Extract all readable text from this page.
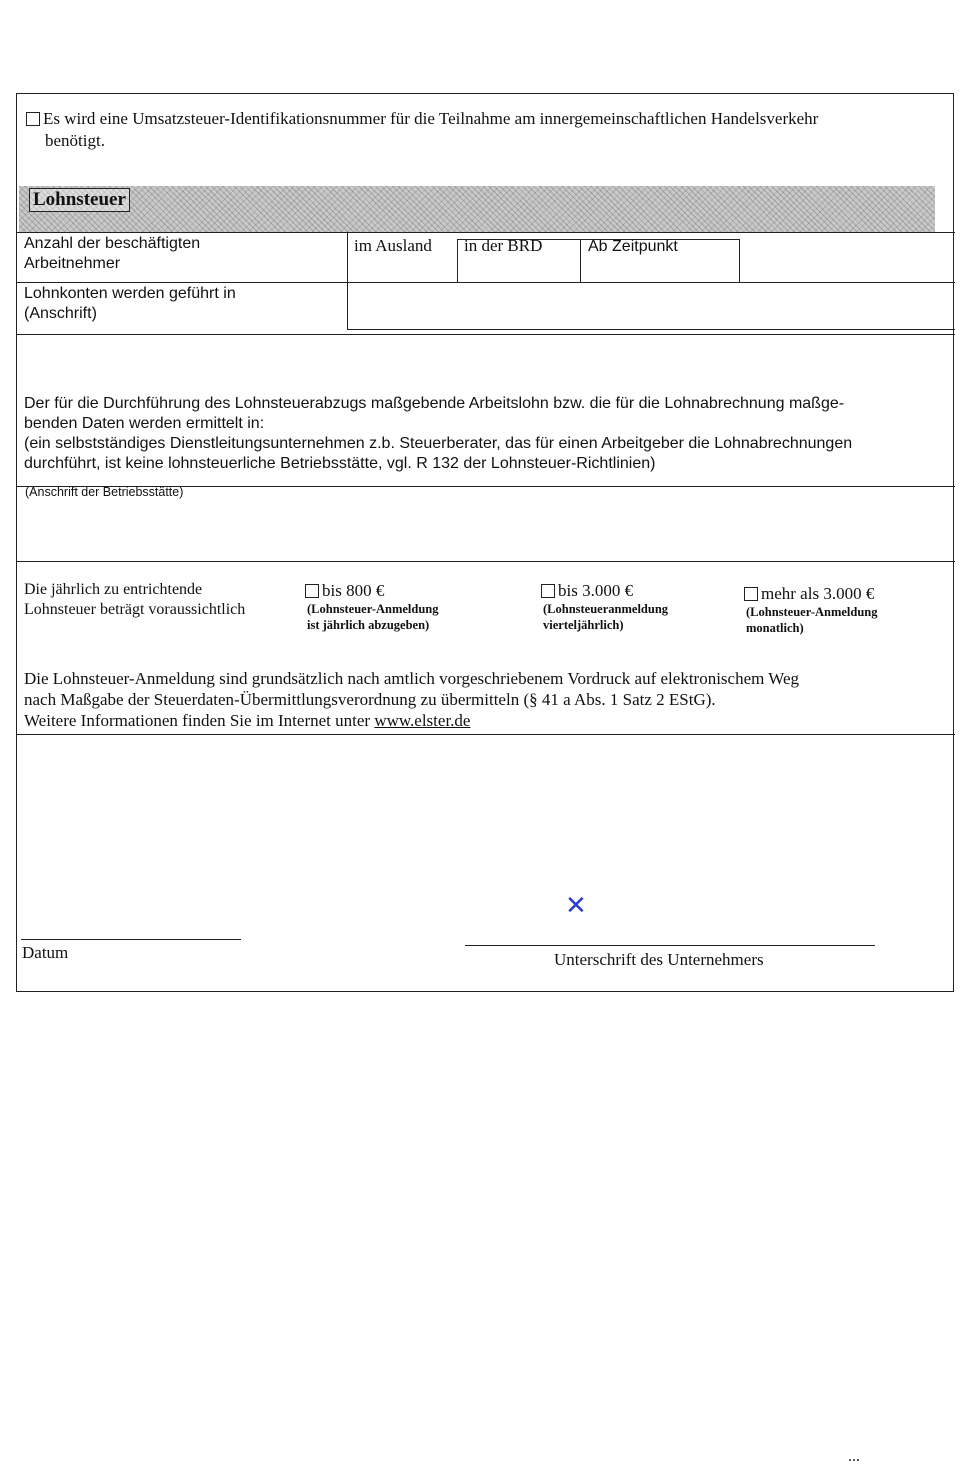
Es wird eine Umsatzsteuer-Identifikationsnummer für die Teilnahme am innergemeinschaftlichen Handelsverkehr
benötigt.
Lohnsteuer
Anzahl der beschäftigten
Arbeitnehmer
im Ausland in der BRD	Ab Zeitpunkt
Lohnkonten werden geführt in
(Anschrift)
Der für die Durchführung des Lohnsteuerabzugs maßgebende Arbeitslohn bzw. die für die Lohnabrechnung maßge-
benden Daten werden ermittelt in:
(ein selbstständiges Dienstleitungsunternehmen z.b. Steuerberater, das für einen Arbeitgeber die Lohnabrechnungen
durchführt, ist keine lohnsteuerliche Betriebsstätte, vgl. R 132 der Lohnsteuer-Richtlinien)
(Anschrift der Betriebsstätte)
Die jährlich zu entrichtende
Lohnsteuer beträgt voraussichtlich
bis 800 €
(Lohnsteuer-Anmeldung
ist jährlich abzugeben)
bis 3.000 €
(Lohnsteueranmeldung
vierteljährlich)
mehr als 3.000 €
(Lohnsteuer-Anmeldung
monatlich)
Die Lohnsteuer-Anmeldung sind grundsätzlich nach amtlich vorgeschriebenem Vordruck auf elektronischem Weg
nach Maßgabe der Steuerdaten-Übermittlungsverordnung zu übermitteln (§ 41 a Abs. 1 Satz 2 EStG).
Weitere Informationen finden Sie im Internet unter www.elster.de
✕
Datum	Unterschrift des Unternehmers
...
